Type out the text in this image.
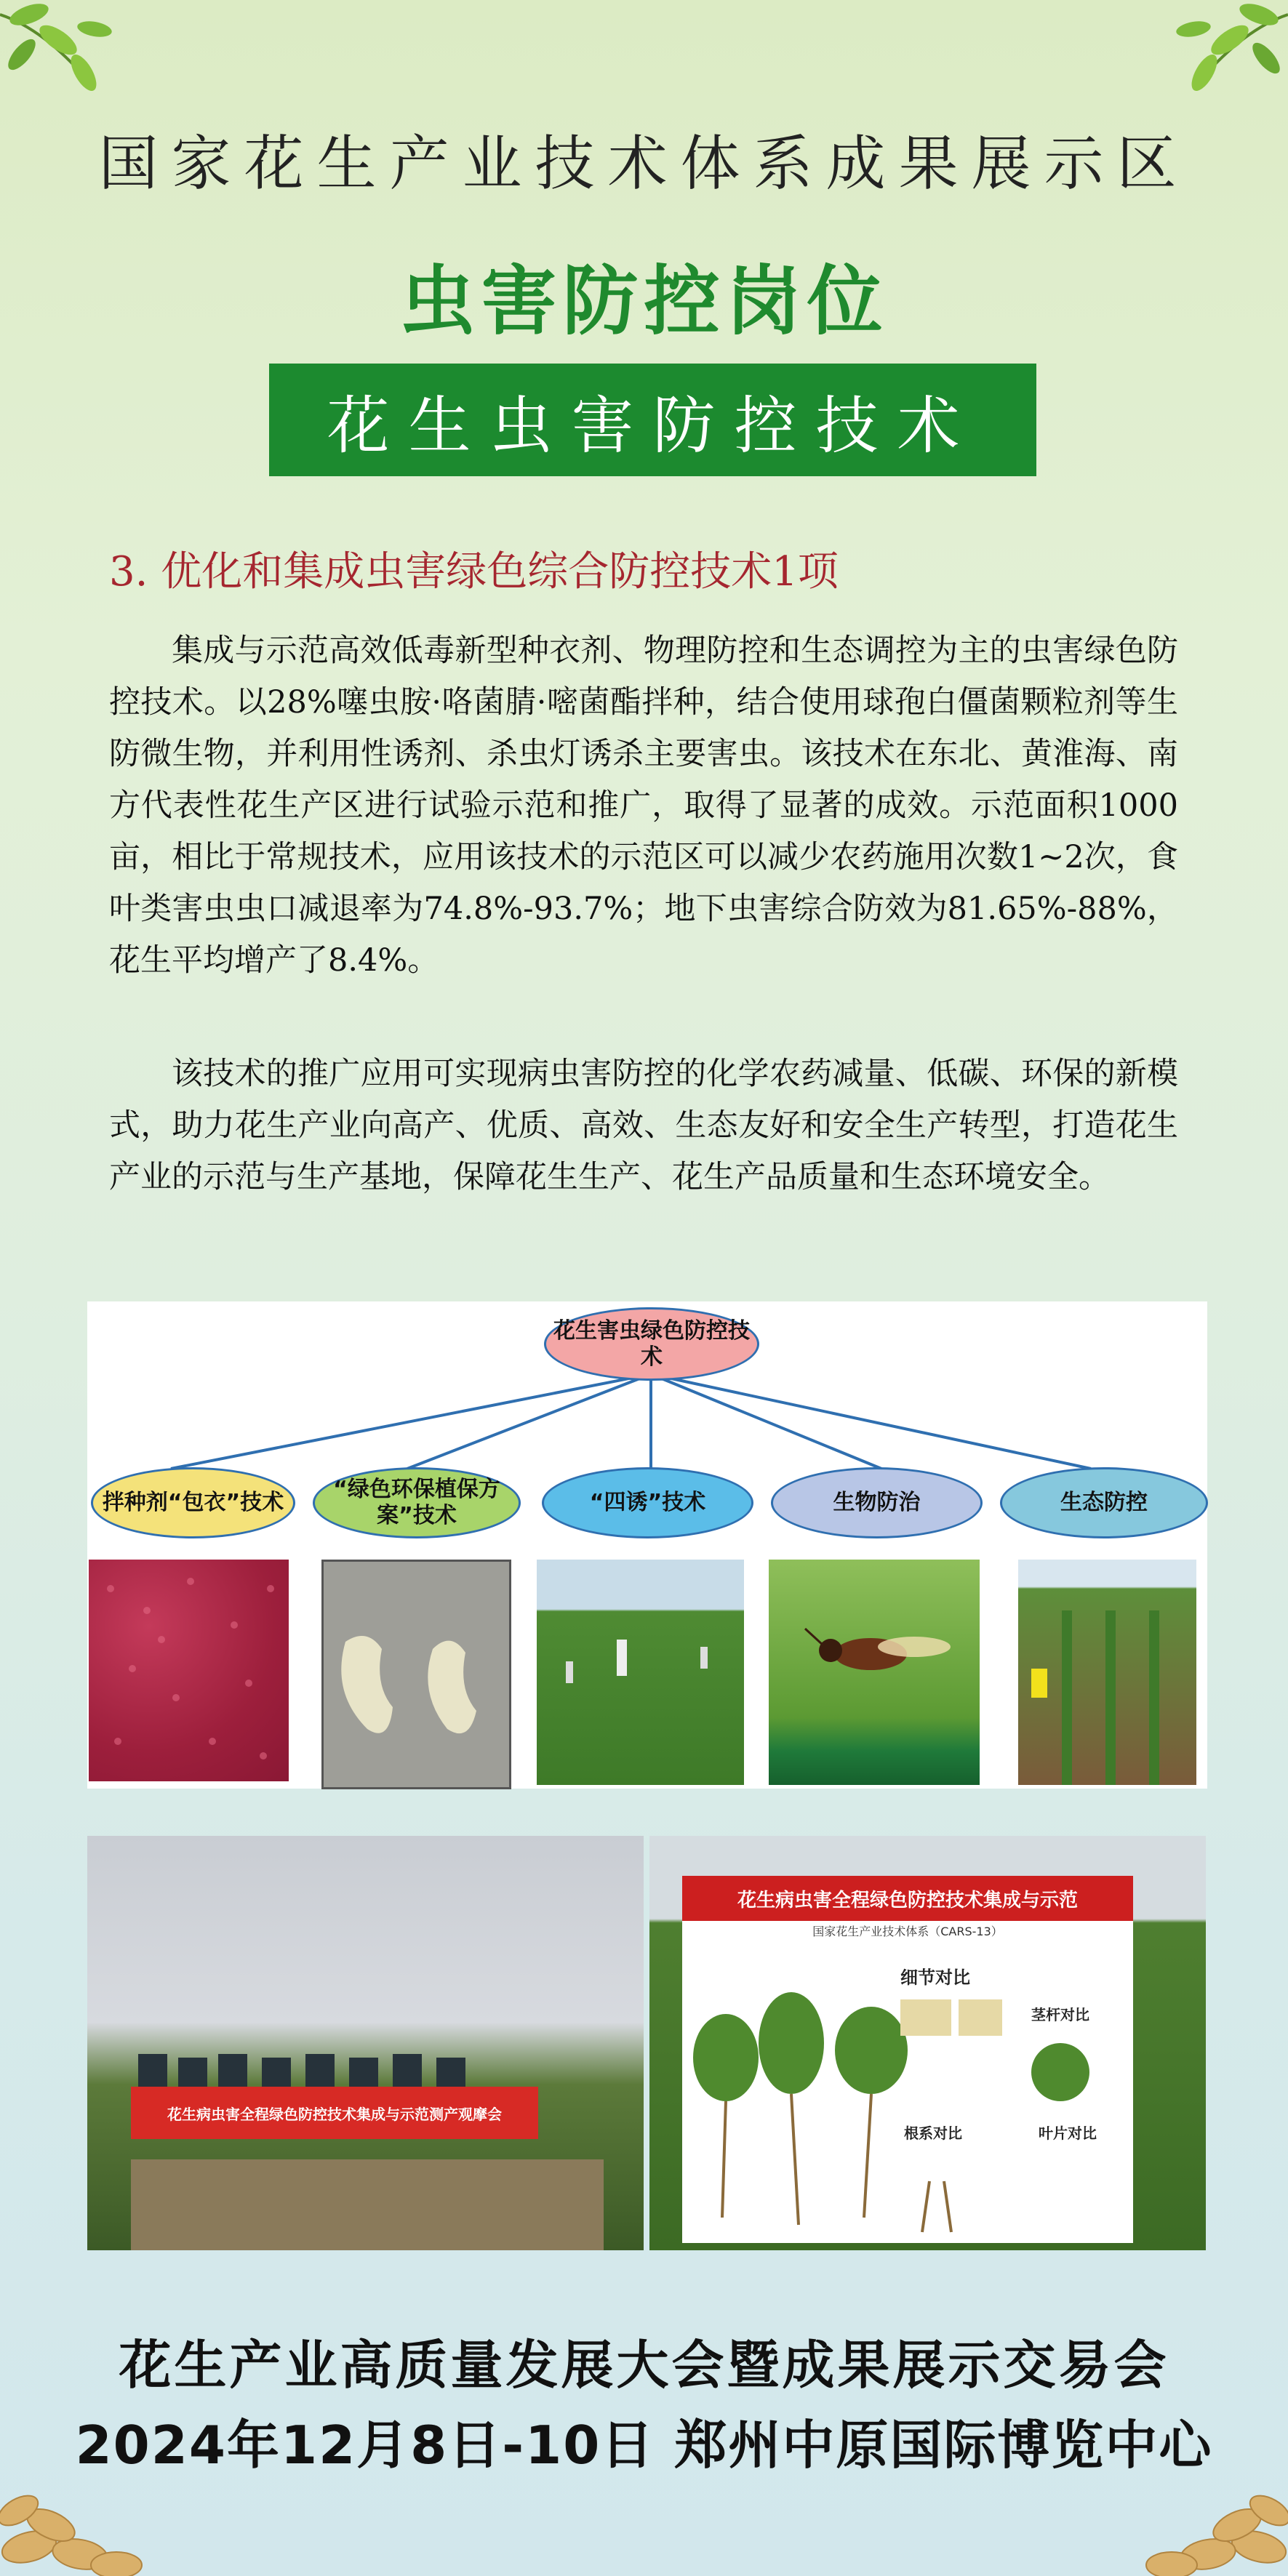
国家花生产业技术体系成果展示区
虫害防控岗位
花生虫害防控技术
3. 优化和集成虫害绿色综合防控技术1项
集成与示范高效低毒新型种衣剂、物理防控和生态调控为主的虫害绿色防控技术。以28%噻虫胺·咯菌腈·嘧菌酯拌种，结合使用球孢白僵菌颗粒剂等生防微生物，并利用性诱剂、杀虫灯诱杀主要害虫。该技术在东北、黄淮海、南方代表性花生产区进行试验示范和推广，取得了显著的成效。示范面积1000亩，相比于常规技术，应用该技术的示范区可以减少农药施用次数1~2次，食叶类害虫虫口减退率为74.8%-93.7%；地下虫害综合防效为81.65%-88%，花生平均增产了8.4%。
该技术的推广应用可实现病虫害防控的化学农药减量、低碳、环保的新模式，助力花生产业向高产、优质、高效、生态友好和安全生产转型，打造花生产业的示范与生产基地，保障花生生产、花生产品质量和生态环境安全。
花生害虫绿色防控技术
拌种剂“包衣”技术
“绿色环保植保方案”技术
“四诱”技术	生物防治	生态防控
花生病虫害全程绿色防控技术集成与示范测产观摩会
花生病虫害全程绿色防控技术集成与示范
国家花生产业技术体系（CARS-13）
细节对比
茎杆对比
根系对比	叶片对比
花生产业高质量发展大会暨成果展示交易会
2024年12月8日-10日 郑州中原国际博览中心
